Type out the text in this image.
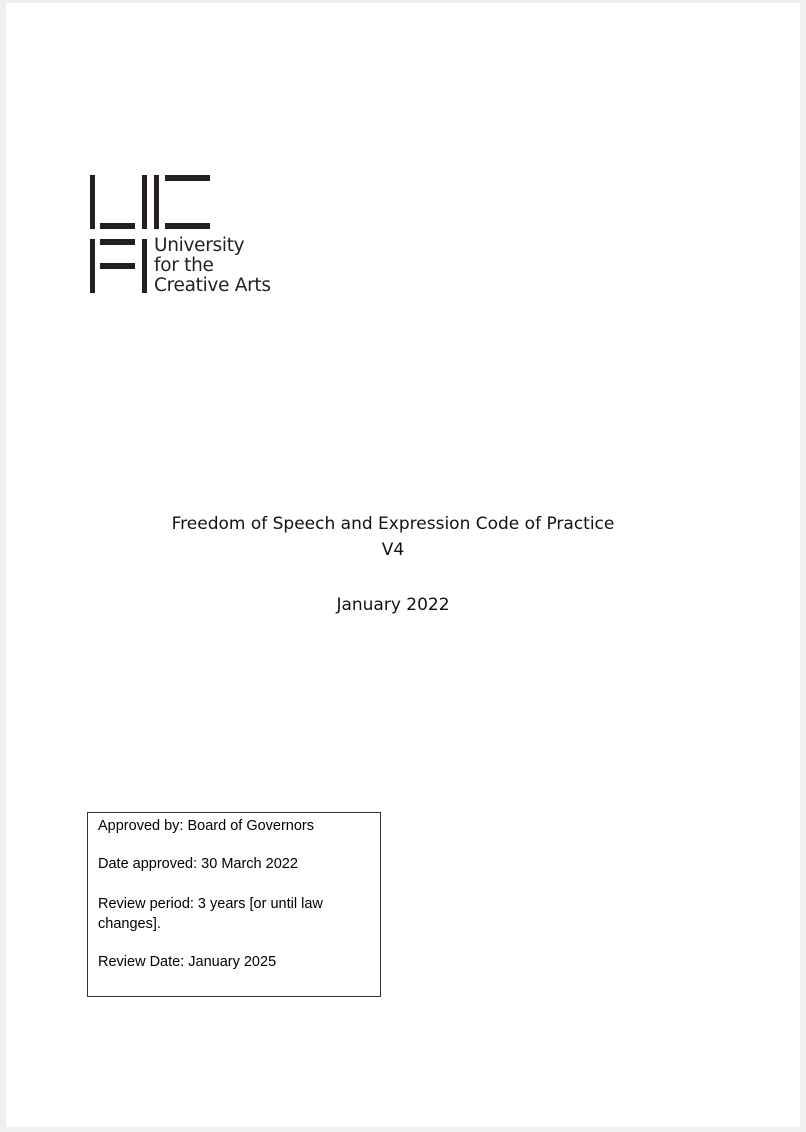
University
for the
Creative Arts
Freedom of Speech and Expression Code of Practice
V4
January 2022

Approved by: Board of Governors

Date approved: 30 March 2022

Review period: 3 years [or until law changes].

Review Date: January 2025
